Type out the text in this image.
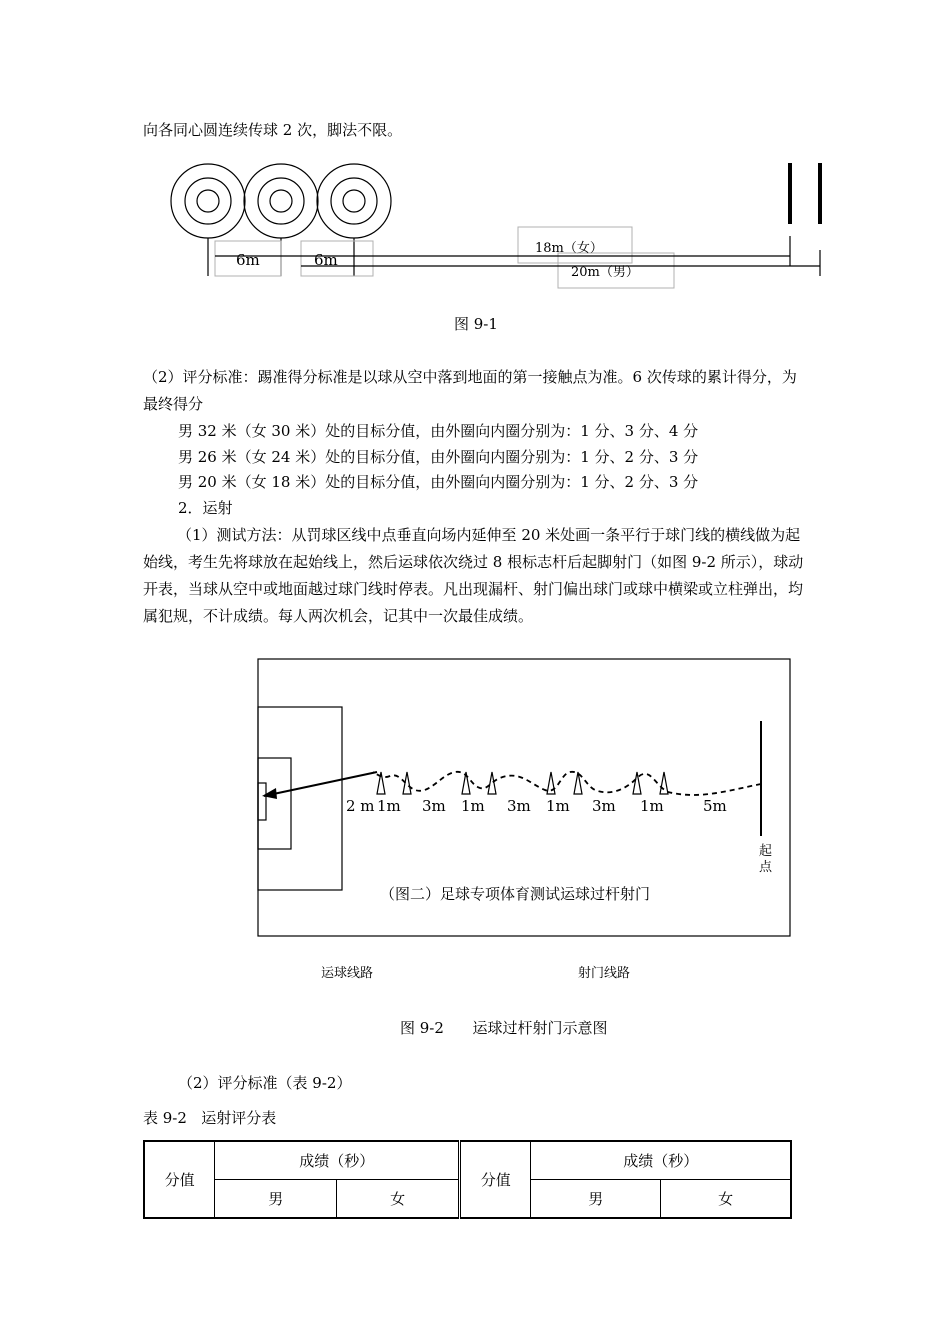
向各同心圆连续传球 2 次，脚法不限。
6m	6m
18m（女）
20m（男）
图 9-1
（2）评分标准：踢准得分标准是以球从空中落到地面的第一接触点为准。6 次传球的累计得分，为最终得分
男 32 米（女 30 米）处的目标分值，由外圈向内圈分别为：1 分、3 分、4 分
男 26 米（女 24 米）处的目标分值，由外圈向内圈分别为：1 分、2 分、3 分
男 20 米（女 18 米）处的目标分值，由外圈向内圈分别为：1 分、2 分、3 分
2．运射
（1）测试方法：从罚球区线中点垂直向场内延伸至 20 米处画一条平行于球门线的横线做为起始线，考生先将球放在起始线上，然后运球依次绕过 8 根标志杆后起脚射门（如图 9-2 所示），球动开表，当球从空中或地面越过球门线时停表。凡出现漏杆、射门偏出球门或球中横梁或立柱弹出，均属犯规，不计成绩。每人两次机会，记其中一次最佳成绩。
2 m 1m 3m 1m 3m 1m 3m 1m	5m
起
点
（图二）足球专项体育测试运球过杆射门
运球线路	射门线路
图 9-2      运球过杆射门示意图
（2）评分标准（表 9-2）
表 9-2   运射评分表
分值	成绩（秒）		分值	成绩（秒）	
	男	女		男	女
